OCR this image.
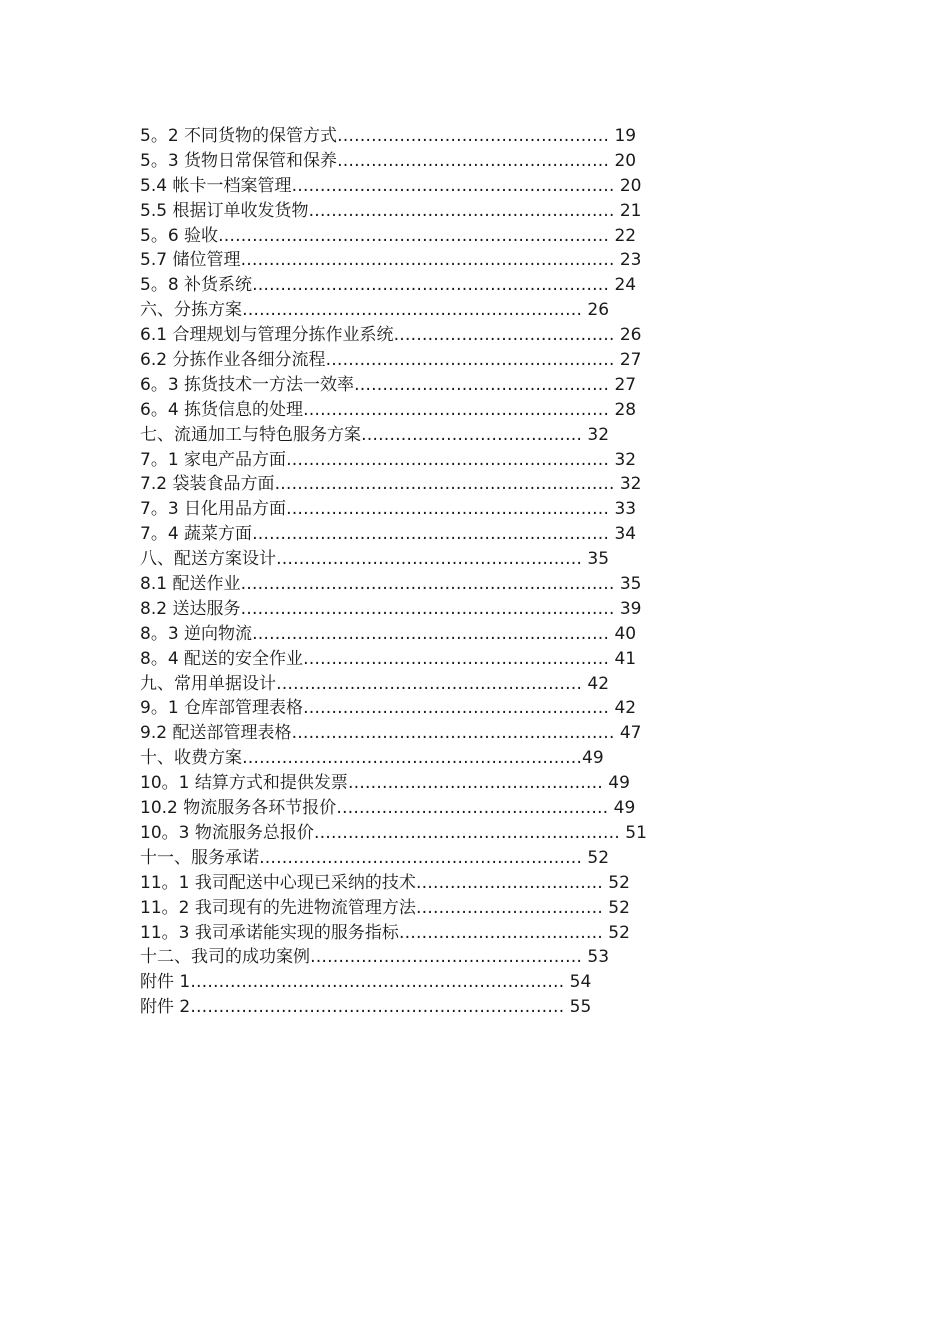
5。2 不同货物的保管方式………………………………………… 19
5。3 货物日常保管和保养………………………………………… 20
5.4 帐卡一档案管理………………………………………………… 20
5.5 根据订单收发货物……………………………………………… 21
5。6 验收…………………………………………………………… 22
5.7 储位管理………………………………………………………… 23
5。8 补货系统……………………………………………………… 24
六、分拣方案…………………………………………………… 26
6.1 合理规划与管理分拣作业系统………………………………… 26
6.2 分拣作业各细分流程…………………………………………… 27
6。3 拣货技术一方法一效率……………………………………… 27
6。4 拣货信息的处理……………………………………………… 28
七、流通加工与特色服务方案………………………………… 32
7。1 家电产品方面………………………………………………… 32
7.2 袋装食品方面…………………………………………………… 32
7。3 日化用品方面………………………………………………… 33
7。4 蔬菜方面……………………………………………………… 34
八、配送方案设计……………………………………………… 35
8.1 配送作业………………………………………………………… 35
8.2 送达服务………………………………………………………… 39
8。3 逆向物流……………………………………………………… 40
8。4 配送的安全作业……………………………………………… 41
九、常用单据设计……………………………………………… 42
9。1 仓库部管理表格……………………………………………… 42
9.2 配送部管理表格………………………………………………… 47
十、收费方案……………………………………………………49
10。1 结算方式和提供发票……………………………………… 49
10.2 物流服务各环节报价………………………………………… 49
10。3 物流服务总报价……………………………………………… 51
十一、服务承诺………………………………………………… 52
11。1 我司配送中心现已采纳的技术…………………………… 52
11。2 我司现有的先进物流管理方法…………………………… 52
11。3 我司承诺能实现的服务指标……………………………… 52
十二、我司的成功案例………………………………………… 53
附件 1………………………………………………………… 54
附件 2………………………………………………………… 55
